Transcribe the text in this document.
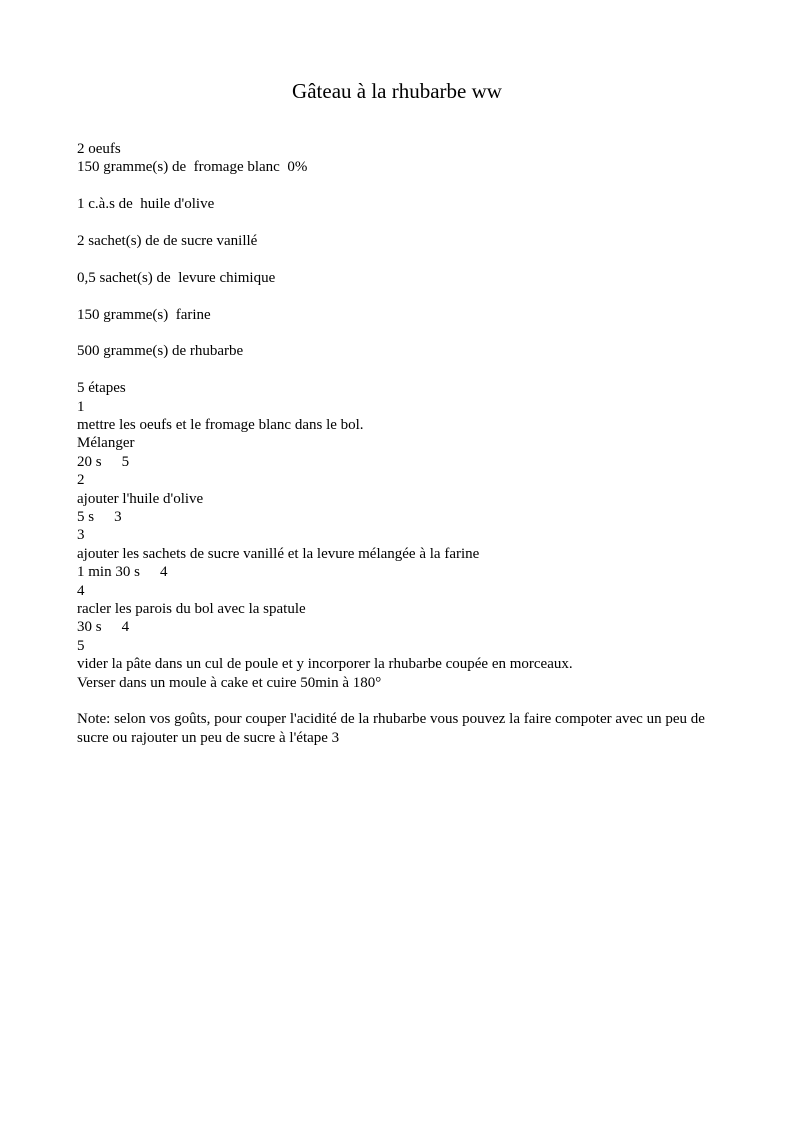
Gâteau à la rhubarbe ww
2 oeufs
150 gramme(s) de  fromage blanc  0%
1 c.à.s de  huile d'olive
2 sachet(s) de de sucre vanillé
0,5 sachet(s) de  levure chimique
150 gramme(s)  farine
500 gramme(s) de rhubarbe
5 étapes
1
mettre les oeufs et le fromage blanc dans le bol.
Mélanger
20 s 5
2
ajouter l'huile d'olive
5 s 3
3
ajouter les sachets de sucre vanillé et la levure mélangée à la farine
1 min 30 s 4
4
racler les parois du bol avec la spatule
30 s 4
5
vider la pâte dans un cul de poule et y incorporer la rhubarbe coupée en morceaux.
Verser dans un moule à cake et cuire 50min à 180°
Note: selon vos goûts, pour couper l'acidité de la rhubarbe vous pouvez la faire compoter avec un peu de sucre ou rajouter un peu de sucre à l'étape 3
